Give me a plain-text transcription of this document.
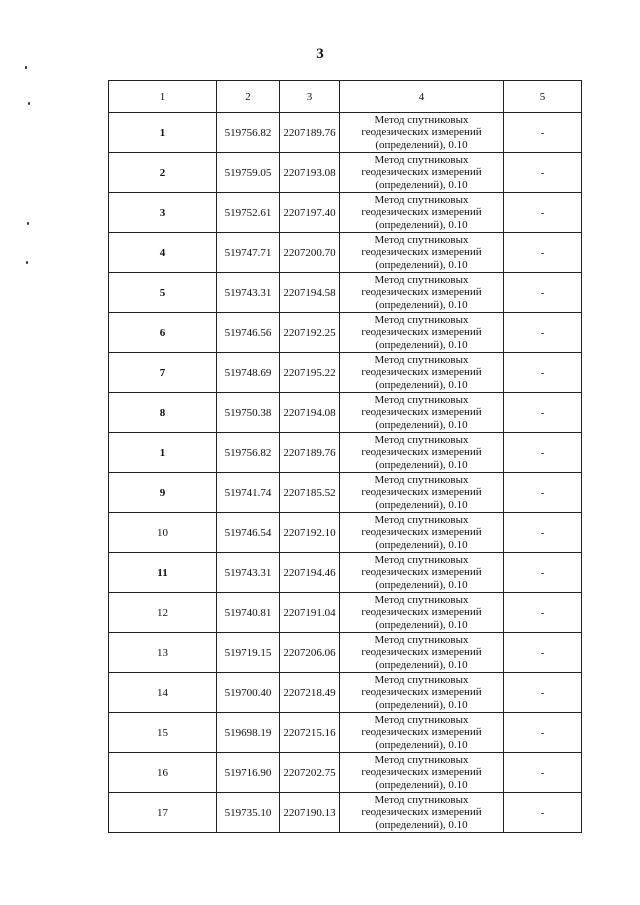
3
1	2	3	4	5
1	519756.82	2207189.76	Метод спутниковых геодезических измерений (определений), 0.10	-
2	519759.05	2207193.08	Метод спутниковых геодезических измерений (определений), 0.10	-
3	519752.61	2207197.40	Метод спутниковых геодезических измерений (определений), 0.10	-
4	519747.71	2207200.70	Метод спутниковых геодезических измерений (определений), 0.10	-
5	519743.31	2207194.58	Метод спутниковых геодезических измерений (определений), 0.10	-
6	519746.56	2207192.25	Метод спутниковых геодезических измерений (определений), 0.10	-
7	519748.69	2207195.22	Метод спутниковых геодезических измерений (определений), 0.10	-
8	519750.38	2207194.08	Метод спутниковых геодезических измерений (определений), 0.10	-
1	519756.82	2207189.76	Метод спутниковых геодезических измерений (определений), 0.10	-
9	519741.74	2207185.52	Метод спутниковых геодезических измерений (определений), 0.10	-
10	519746.54	2207192.10	Метод спутниковых геодезических измерений (определений), 0.10	-
11	519743.31	2207194.46	Метод спутниковых геодезических измерений (определений), 0.10	-
12	519740.81	2207191.04	Метод спутниковых геодезических измерений (определений), 0.10	-
13	519719.15	2207206.06	Метод спутниковых геодезических измерений (определений), 0.10	-
14	519700.40	2207218.49	Метод спутниковых геодезических измерений (определений), 0.10	-
15	519698.19	2207215.16	Метод спутниковых геодезических измерений (определений), 0.10	-
16	519716.90	2207202.75	Метод спутниковых геодезических измерений (определений), 0.10	-
17	519735.10	2207190.13	Метод спутниковых геодезических измерений (определений), 0.10	-
